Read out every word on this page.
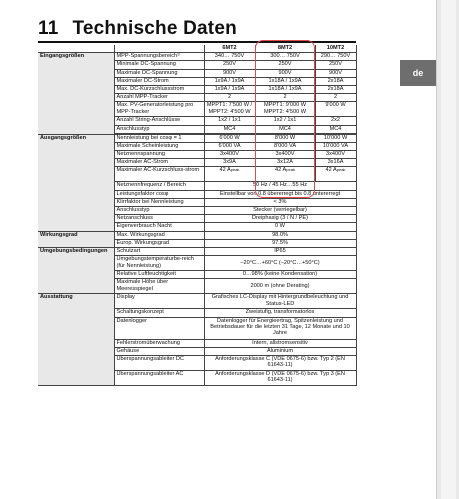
11 Technische Daten
		6MT2	8MT2	10MT2
Eingangsgrößen	MPP-Spannungsbereich¹⁾	340… 750V	300… 750V	290… 750V
	Minimale DC-Spannung	250V	250V	250V
	Maximale DC-Spannung	900V	900V	900V
	Maximaler DC-Strom	1x9A / 1x9A	1x18A / 1x9A	2x18A
	Max. DC-Kurzschlussstrom	1x9A / 1x9A	1x18A / 1x9A	2x18A
	Anzahl MPP-Tracker	2	2	2
	Max. PV-Generatorleistung pro MPP-Tracker	MPPT1: 7'500 W / MPPT2: 4'500 W	MPPT1: 9'000 W MPPT2: 4'500 W	9'000 W
	Anzahl String-Anschlüsse	1x2 / 1x1	1x2 / 1x1	2x2
	Anschlusstyp	MC4	MC4	MC4

Ausgangsgrößen	Nennleistung bei cosφ = 1	6'000 W	8'000 W	10'000 W
	Maximale Scheinleistung	6'000 VA	8'000 VA	10'000 VA
	Netznennspannung	3x400V	3x400V	3x400V
	Maximaler AC-Strom	3x9A	3x12A	3x16A
	Maximaler AC-Kurzschluss-strom	42 Apeak	42 Apeak	42 Apeak
	Netznennfrequenz / Bereich	50 Hz / 45 Hz…55 Hz		
	Leistungsfaktor cosφ	Einstellbar von 0.8 übererregt bis 0.8 untererregt		
	Klirrfaktor bei Nennleistung	< 3%		
	Anschlusstyp	Stecker (verriegelbar)		
	Netzanschluss	Dreiphasig (3 / N / PE)		
	Eigenverbrauch Nacht	0 W		
Wirkungsgrad	Max. Wirkungsgrad	98.0%		
	Europ. Wirkungsgrad	97.5%		
Umgebungsbedingungen	Schutzart	IP65		
	Umgebungstemperaturbe-reich (für Nennleistung)	–20°C…+60°C (–20°C…+50°C)		
	Relative Luftfeuchtigkeit	0…98% (keine Kondensation)		
	Maximale Höhe über Meeresspiegel	2000 m (ohne Derating)		
Ausstattung	Display	Grafisches LC-Display mit Hintergrundbeleuchtung und Status-LED		
	Schaltungskonzept	Zweistufig, transformatorlos		
	Datenlogger	Datenlogger für Energieertrag, Spitzenleistung und Betriebsdauer für die letzten 31 Tage, 12 Monate und 10 Jahre		
	Fehlerstromüberwachung	Intern, allstromsensitiv		
	Gehäuse	Aluminium		
	Überspannungsableiter DC	Anforderungsklasse C (VDE 0675-6) bzw. Typ 2 (EN 61643-11)		
	Überspannungsableiter AC	Anforderungsklasse D (VDE 0675-6) bzw. Typ 3 (EN 61643-11)		
de
